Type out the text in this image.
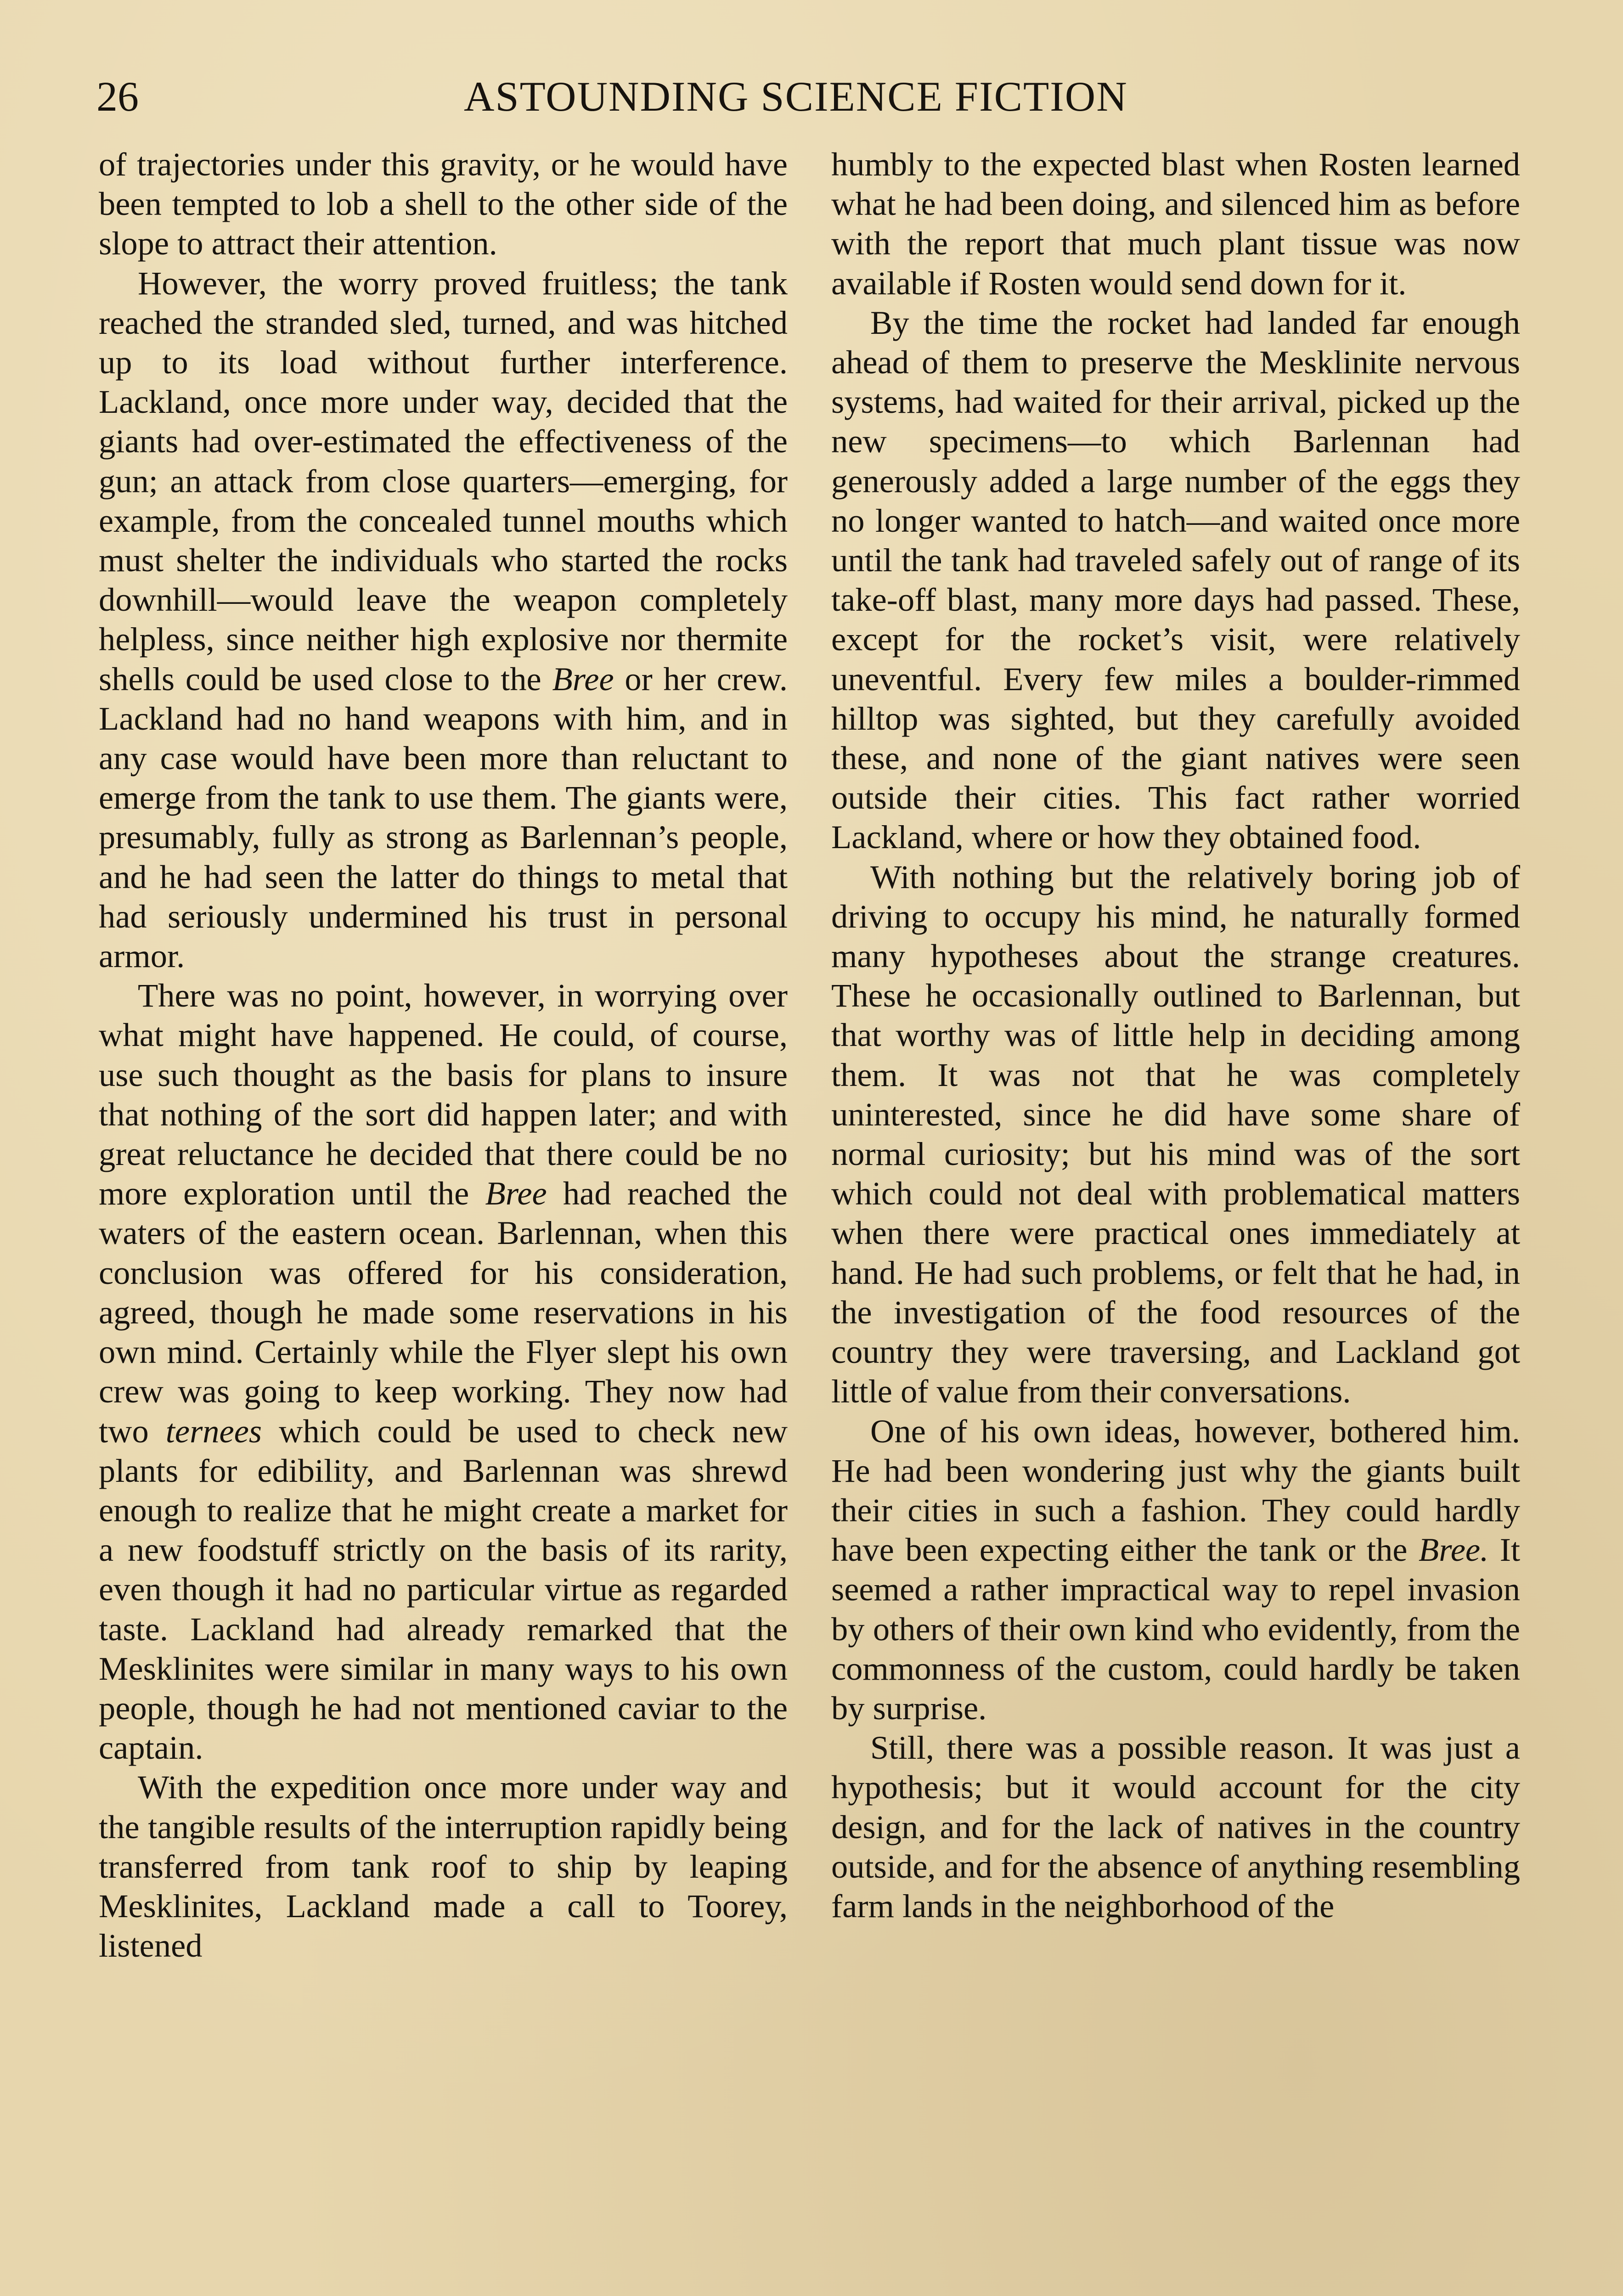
26	ASTOUNDING SCIENCE FICTION

of trajectories under this gravity, or he would have been tempted to lob a shell to the other side of the slope to attract their attention.

However, the worry proved fruitless; the tank reached the stranded sled, turned, and was hitched up to its load without further interference. Lackland, once more under way, decided that the giants had over-estimated the effectiveness of the gun; an attack from close quarters—emerging, for example, from the concealed tunnel mouths which must shelter the individuals who started the rocks downhill—would leave the weapon completely helpless, since neither high explosive nor thermite shells could be used close to the Bree or her crew. Lackland had no hand weapons with him, and in any case would have been more than reluctant to emerge from the tank to use them. The giants were, presumably, fully as strong as Barlennan’s people, and he had seen the latter do things to metal that had seriously undermined his trust in personal armor.

There was no point, however, in worrying over what might have happened. He could, of course, use such thought as the basis for plans to insure that nothing of the sort did happen later; and with great reluctance he decided that there could be no more exploration until the Bree had reached the waters of the eastern ocean. Barlennan, when this conclusion was offered for his consideration, agreed, though he made some reservations in his own mind. Certainly while the Flyer slept his own crew was going to keep working. They now had two ternees which could be used to check new plants for edibility, and Barlennan was shrewd enough to realize that he might create a market for a new foodstuff strictly on the basis of its rarity, even though it had no particular virtue as regarded taste. Lackland had already remarked that the Mesklinites were similar in many ways to his own people, though he had not mentioned caviar to the captain.

With the expedition once more under way and the tangible results of the interruption rapidly being transferred from tank roof to ship by leaping Mesklinites, Lackland made a call to Toorey, listened

humbly to the expected blast when Rosten learned what he had been doing, and silenced him as before with the report that much plant tissue was now available if Rosten would send down for it.

By the time the rocket had landed far enough ahead of them to preserve the Mesklinite nervous systems, had waited for their arrival, picked up the new specimens—to which Barlennan had generously added a large number of the eggs they no longer wanted to hatch—and waited once more until the tank had traveled safely out of range of its take-off blast, many more days had passed. These, except for the rocket’s visit, were relatively uneventful. Every few miles a boulder-rimmed hilltop was sighted, but they carefully avoided these, and none of the giant natives were seen outside their cities. This fact rather worried Lackland, where or how they obtained food.

With nothing but the relatively boring job of driving to occupy his mind, he naturally formed many hypotheses about the strange creatures. These he occasionally outlined to Barlennan, but that worthy was of little help in deciding among them. It was not that he was completely uninterested, since he did have some share of normal curiosity; but his mind was of the sort which could not deal with problematical matters when there were practical ones immediately at hand. He had such problems, or felt that he had, in the investigation of the food resources of the country they were traversing, and Lackland got little of value from their conversations.

One of his own ideas, however, bothered him. He had been wondering just why the giants built their cities in such a fashion. They could hardly have been expecting either the tank or the Bree. It seemed a rather impractical way to repel invasion by others of their own kind who evidently, from the commonness of the custom, could hardly be taken by surprise.

Still, there was a possible reason. It was just a hypothesis; but it would account for the city design, and for the lack of natives in the country outside, and for the absence of anything resembling farm lands in the neighborhood of the
